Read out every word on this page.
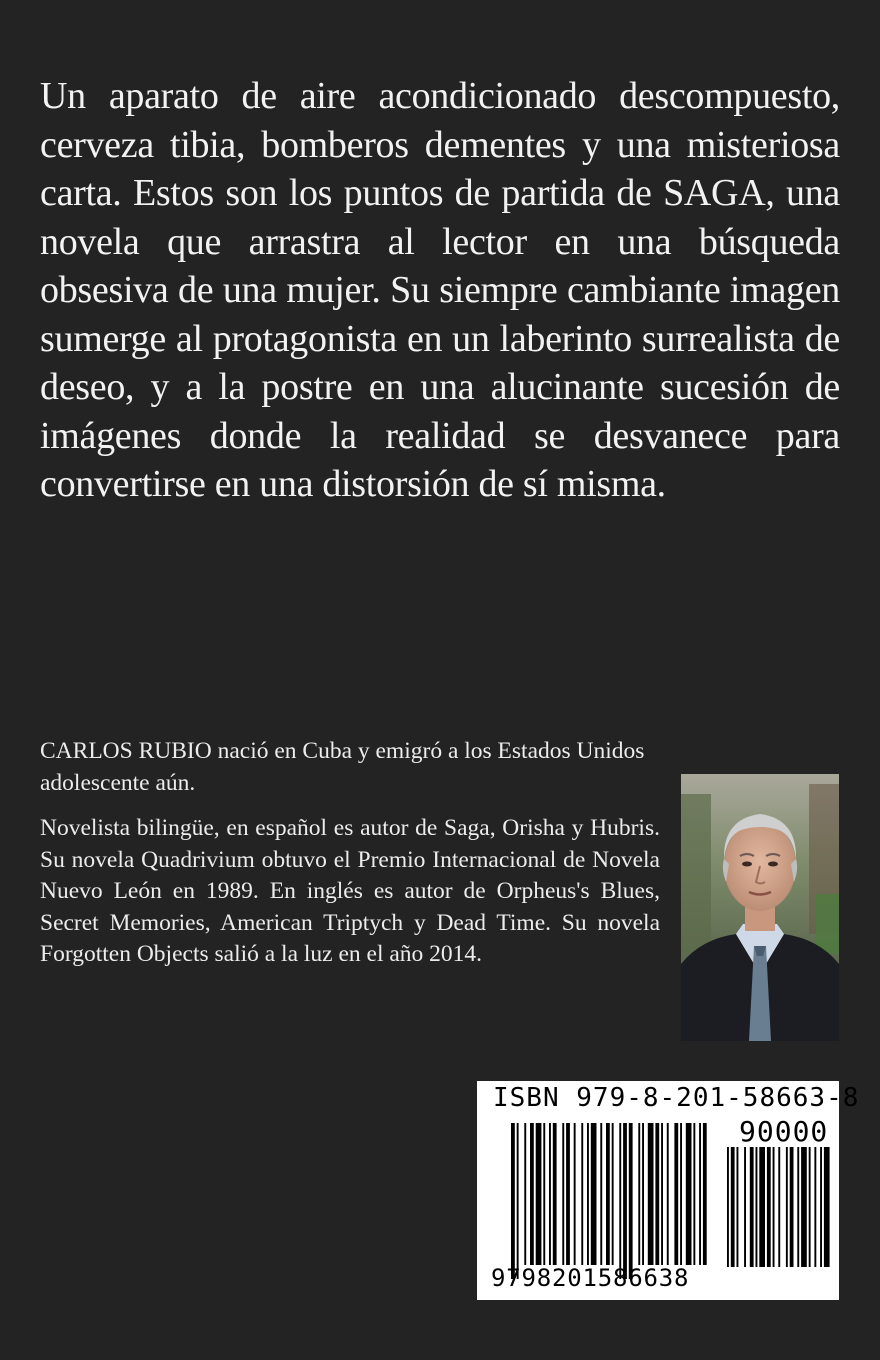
Un aparato de aire acondicionado descompuesto, cerveza tibia, bomberos dementes y una misteriosa carta. Estos son los puntos de partida de SAGA, una novela que arrastra al lector en una búsqueda obsesiva de una mujer. Su siempre cambiante imagen sumerge al protagonista en un laberinto surrealista de deseo, y a la postre en una alucinante sucesión de imágenes donde la realidad se desvanece para convertirse en una distorsión de sí misma.

CARLOS RUBIO nació en Cuba y emigró a los Estados Unidos adolescente aún.

Novelista bilingüe, en español es autor de Saga, Orisha y Hubris. Su novela Quadrivium obtuvo el Premio Internacional de Novela Nuevo León en 1989. En inglés es autor de Orpheus's Blues, Secret Memories, American Triptych y Dead Time. Su novela Forgotten Objects salió a la luz en el año 2014.

ISBN 979-8-201-58663-8
90000
9798201586638
